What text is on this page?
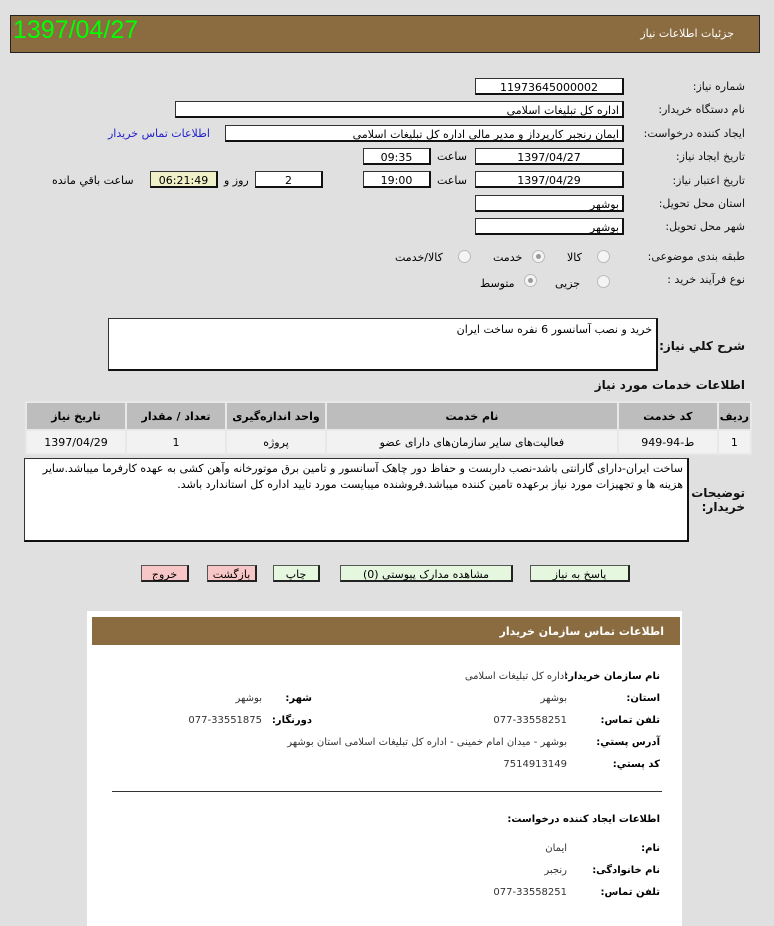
جزئیات اطلاعات نیاز
1397/04/27
شماره نیاز:
11973645000002
نام دستگاه خریدار:
اداره کل تبلیغات اسلامی
ایجاد کننده درخواست:
ایمان رنجبر کارپرداز و مدیر مالی اداره کل تبلیغات اسلامی
اطلاعات تماس خریدار
تاریخ ایجاد نیاز:
1397/04/27
ساعت
09:35
تاریخ اعتبار نیاز:
1397/04/29
ساعت
19:00
2
روز و
06:21:49
ساعت باقي مانده
استان محل تحویل:
بوشهر
شهر محل تحویل:
بوشهر
طبقه بندی موضوعی:
کالا
خدمت
کالا/خدمت
نوع فرآیند خرید :
جزیی
متوسط
شرح کلي نياز:
خرید و نصب آسانسور 6 نفره ساخت ایران
اطلاعات خدمات مورد نیاز
ردیف	کد خدمت	نام خدمت	واحد اندازه‌گیری	تعداد / مقدار	تاریخ نیاز
1	ط-94-949	فعالیت‌های سایر سازمان‌های دارای عضو	پروژه	1	1397/04/29
توضیحات خریدار:
ساخت ایران-دارای گارانتی باشد-نصب داربست و حفاظ دور چاهک آسانسور و تامین برق موتورخانه وآهن کشی به عهده کارفرما میباشد.سایر هزینه ها و تجهیزات مورد نیاز برعهده تامین کننده میباشد.فروشنده میبایست مورد تایید اداره کل استاندارد باشد.
پاسخ به نیاز
مشاهده مدارک پيوستي (0)
چاپ
بازگشت
خروج
اطلاعات تماس سازمان خریدار
نام سازمان خریدار:
اداره کل تبلیغات اسلامی
استان:
بوشهر
شهر:
بوشهر
تلفن تماس:
077-33558251
دورنگار:
077-33551875
آدرس پستي:
بوشهر - میدان امام خمینی - اداره کل تبلیغات اسلامی استان بوشهر
کد پستي:
7514913149
اطلاعات ایجاد کننده درخواست:
نام:
ایمان
نام خانوادگی:
رنجبر
تلفن تماس:
077-33558251
